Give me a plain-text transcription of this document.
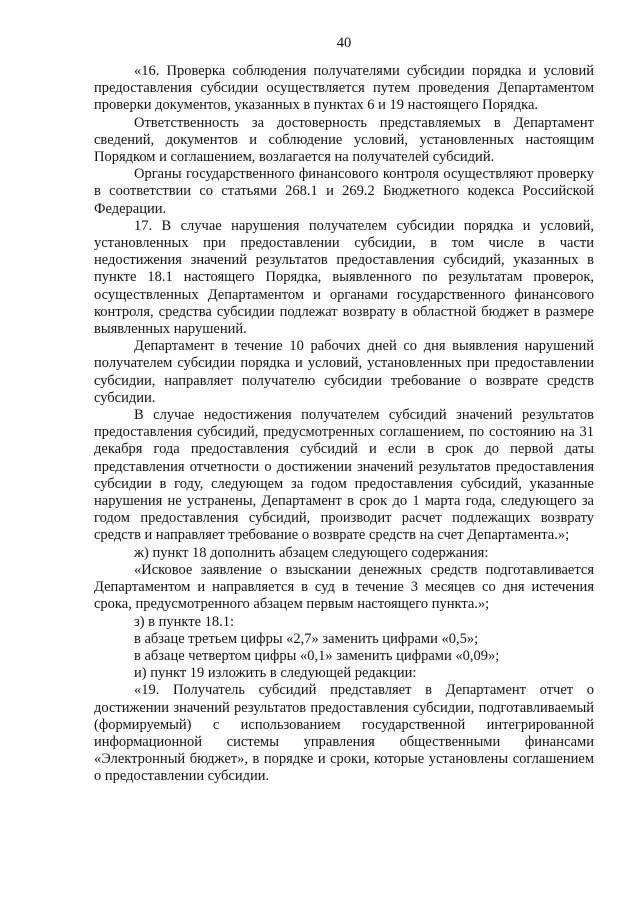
40

«16. Проверка соблюдения получателями субсидии порядка и условий предоставления субсидии осуществляется путем проведения Департаментом проверки документов, указанных в пунктах 6 и 19 настоящего Порядка.

Ответственность за достоверность представляемых в Департамент сведений, документов и соблюдение условий, установленных настоящим Порядком и соглашением, возлагается на получателей субсидий.

Органы государственного финансового контроля осуществляют проверку в соответствии со статьями 268.1 и 269.2 Бюджетного кодекса Российской Федерации.

17. В случае нарушения получателем субсидии порядка и условий, установленных при предоставлении субсидии, в том числе в части недостижения значений результатов предоставления субсидий, указанных в пункте 18.1 настоящего Порядка, выявленного по результатам проверок, осуществленных Департаментом и органами государственного финансового контроля, средства субсидии подлежат возврату в областной бюджет в размере выявленных нарушений.

Департамент в течение 10 рабочих дней со дня выявления нарушений получателем субсидии порядка и условий, установленных при предоставлении субсидии, направляет получателю субсидии требование о возврате средств субсидии.

В случае недостижения получателем субсидий значений результатов предоставления субсидий, предусмотренных соглашением, по состоянию на 31 декабря года предоставления субсидий и если в срок до первой даты представления отчетности о достижении значений результатов предоставления субсидии в году, следующем за годом предоставления субсидий, указанные нарушения не устранены, Департамент в срок до 1 марта года, следующего за годом предоставления субсидий, производит расчет подлежащих возврату средств и направляет требование о возврате средств на счет Департамента.»;

ж) пункт 18 дополнить абзацем следующего содержания:

«Исковое заявление о взыскании денежных средств подготавливается Департаментом и направляется в суд в течение 3 месяцев со дня истечения срока, предусмотренного абзацем первым настоящего пункта.»;

з) в пункте 18.1:

в абзаце третьем цифры «2,7» заменить цифрами «0,5»;

в абзаце четвертом цифры «0,1» заменить цифрами «0,09»;

и) пункт 19 изложить в следующей редакции:

«19. Получатель субсидий представляет в Департамент отчет о достижении значений результатов предоставления субсидии, подготавливаемый (формируемый) с использованием государственной интегрированной информационной системы управления общественными финансами «Электронный бюджет», в порядке и сроки, которые установлены соглашением о предоставлении субсидии.
